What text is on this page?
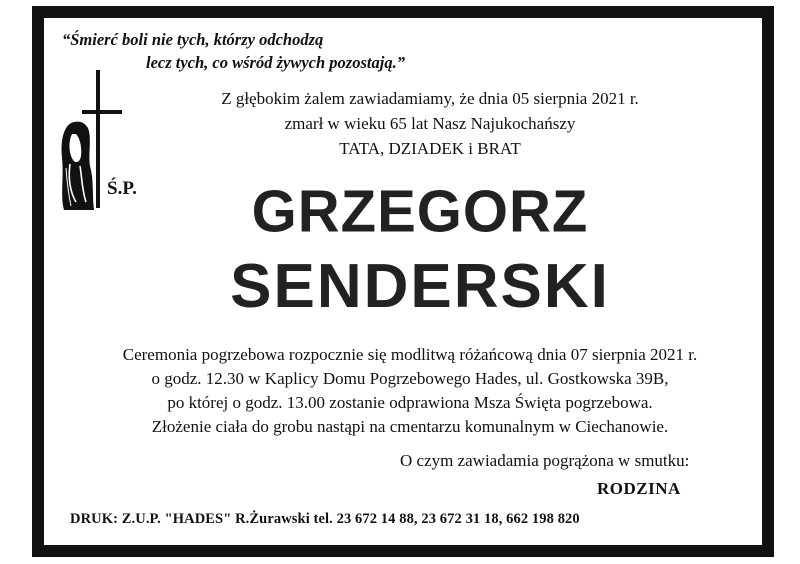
“Śmierć boli nie tych, którzy odchodzą
lecz tych, co wśród żywych pozostają.”
Ś.P.
Z głębokim żalem zawiadamiamy, że dnia 05 sierpnia 2021 r.
zmarł w wieku 65 lat Nasz Najukochańszy
TATA, DZIADEK i BRAT
GRZEGORZ
SENDERSKI
Ceremonia pogrzebowa rozpocznie się modlitwą różańcową dnia 07 sierpnia 2021 r.
o godz. 12.30 w Kaplicy Domu Pogrzebowego Hades, ul. Gostkowska 39B,
po której o godz. 13.00 zostanie odprawiona Msza Święta pogrzebowa.
Złożenie ciała do grobu nastąpi na cmentarzu komunalnym w Ciechanowie.
O czym zawiadamia pogrążona w smutku:
RODZINA
DRUK: Z.U.P. "HADES" R.Żurawski tel. 23 672 14 88, 23 672 31 18, 662 198 820
